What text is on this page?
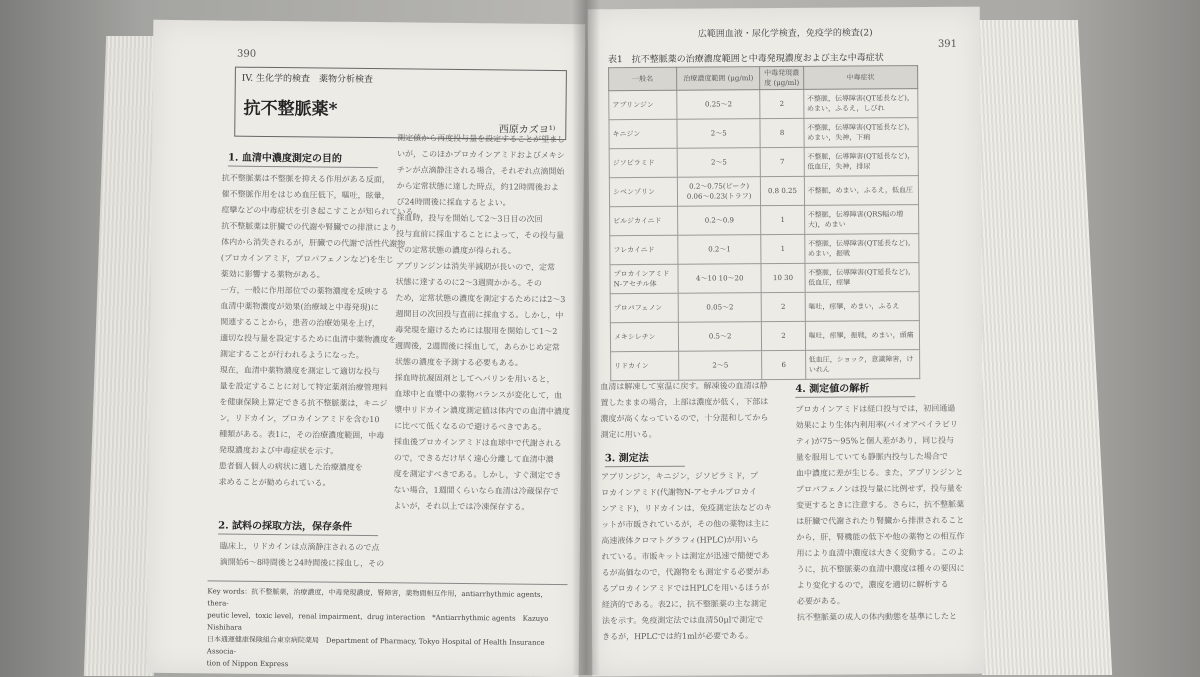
390
IV. 生化学的検査　薬物分析検査
抗不整脈薬*
西原カズヨ¹⁾
1. 血清中濃度測定の目的
抗不整脈薬は不整脈を抑える作用がある反面，
催不整脈作用をはじめ血圧低下，嘔吐，眩暈，
痙攣などの中毒症状を引き起こすことが知られている。
抗不整脈薬は肝臓での代謝や腎臓での排泄により
体内から消失されるが，肝臓での代謝で活性代謝物
(プロカインアミド，プロパフェノンなど)を生じ
薬効に影響する薬物がある。
一方，一般に作用部位での薬物濃度を反映する
血清中薬物濃度が効果(治療域と中毒発現)に
関連することから，患者の治療効果を上げ，
適切な投与量を設定するために血清中薬物濃度を
測定することが行われるようになった。
現在，血清中薬物濃度を測定して適切な投与
量を設定することに対して特定薬剤治療管理料
を健康保険上算定できる抗不整脈薬は，キニジ
ン，リドカイン，プロカインアミドを含む10
種類がある。表1に，その治療濃度範囲，中毒
発現濃度および中毒症状を示す。
患者個人個人の病状に適した治療濃度を
求めることが勧められている。
測定値から再度投与量を設定することが望まし
いが，このほかプロカインアミドおよびメキシ
チンが点滴静注される場合，それぞれ点滴開始
から定常状態に達した時点，約12時間後およ
び24時間後に採血するとよい。
採血時，投与を開始して2〜3日目の次回
投与直前に採血することによって，その投与量
での定常状態の濃度が得られる。
アプリンジンは消失半減期が長いので，定常
状態に達するのに2〜3週間かかる。その
ため，定常状態の濃度を測定するためには2〜3
週間目の次回投与直前に採血する。しかし，中
毒発現を避けるためには服用を開始して1〜2
週間後，2週間後に採血して，あらかじめ定常
状態の濃度を予測する必要もある。
採血時抗凝固剤としてヘパリンを用いると，
血球中と血漿中の薬物バランスが変化して，血
漿中リドカイン濃度測定値は体内での血清中濃度
に比べて低くなるので避けるべきである。
採血後プロカインアミドは血球中で代謝される
ので，できるだけ早く遠心分離して血清中濃
度を測定すべきである。しかし，すぐ測定でき
ない場合，1週間くらいなら血清は冷蔵保存で
よいが，それ以上では冷凍保存する。
2. 試料の採取方法，保存条件
臨床上，リドカインは点滴静注されるので点
滴開始6〜8時間後と24時間後に採血し，その
Key words：抗不整脈薬，治療濃度，中毒発現濃度，腎障害，薬物間相互作用，antiarrhythmic agents，thera-
peutic level，toxic level，renal impairment，drug interaction　*Antiarrhythmic agents　Kazuyo Nishihara
日本通運健康保険組合東京病院薬局　Department of Pharmacy, Tokyo Hospital of Health Insurance Associa-
tion of Nippon Express
広範囲血液・尿化学検査，免疫学的検査(2)
391
表1　抗不整脈薬の治療濃度範囲と中毒発現濃度および主な中毒症状
一般名	治療濃度範囲 (μg/ml)	中毒発現濃度 (μg/ml)	中毒症状
アプリンジン	0.25〜2	2	不整脈，伝導障害(QT延長など)，めまい，ふるえ，しびれ
キニジン	2〜5	8	不整脈，伝導障害(QT延長など)，めまい，失神，下痢
ジソピラミド	2〜5	7	不整脈，伝導障害(QT延長など)，低血圧，失神，排尿
シベンゾリン	0.2〜0.75(ピーク) 0.06〜0.23(トラフ)	0.8 0.25	不整脈，めまい，ふるえ，低血圧
ピルジカイニド	0.2〜0.9	1	不整脈，伝導障害(QRS幅の増大)，めまい
フレカイニド	0.2〜1	1	不整脈，伝導障害(QT延長など)，めまい，振戦
プロカインアミド N-アセチル体	4〜10 10〜20	10 30	不整脈，伝導障害(QT延長など)，低血圧，痙攣
プロパフェノン	0.05〜2	2	嘔吐，痙攣，めまい，ふるえ
メキシレチン	0.5〜2	2	嘔吐，痙攣，振戦，めまい，頭痛
リドカイン	2〜5	6	低血圧，ショック，意識障害，けいれん
血清は解凍して室温に戻す。解凍後の血清は静
置したままの場合，上部は濃度が低く，下部は
濃度が高くなっているので，十分混和してから
測定に用いる。
3. 測定法
アプリンジン，キニジン，ジソピラミド，プ
ロカインアミド(代謝物N-アセチルプロカイ
ンアミド)，リドカインは，免疫測定法などのキ
ットが市販されているが，その他の薬物は主に
高速液体クロマトグラフィ(HPLC)が用いら
れている。市販キットは測定が迅速で簡便であ
るが高価なので，代謝物をも測定する必要があ
るプロカインアミドではHPLCを用いるほうが
経済的である。表2に，抗不整脈薬の主な測定
法を示す。免疫測定法では血清50μlで測定で
きるが，HPLCでは約1mlが必要である。
4. 測定値の解析
プロカインアミドは経口投与では，初回通過
効果により生体内利用率(バイオアベイラビリ
ティ)が75〜95%と個人差があり，同じ投与
量を服用していても静脈内投与した場合で
血中濃度に差が生じる。また，アプリンジンと
プロパフェノンは投与量に比例せず，投与量を
変更するときに注意する。さらに，抗不整脈薬
は肝臓で代謝されたり腎臓から排泄されること
から，肝，腎機能の低下や他の薬物との相互作
用により血清中濃度は大きく変動する。このよ
うに，抗不整脈薬の血清中濃度は種々の要因に
より変化するので，濃度を適切に解析する
必要がある。
抗不整脈薬の成人の体内動態を基準にしたと
